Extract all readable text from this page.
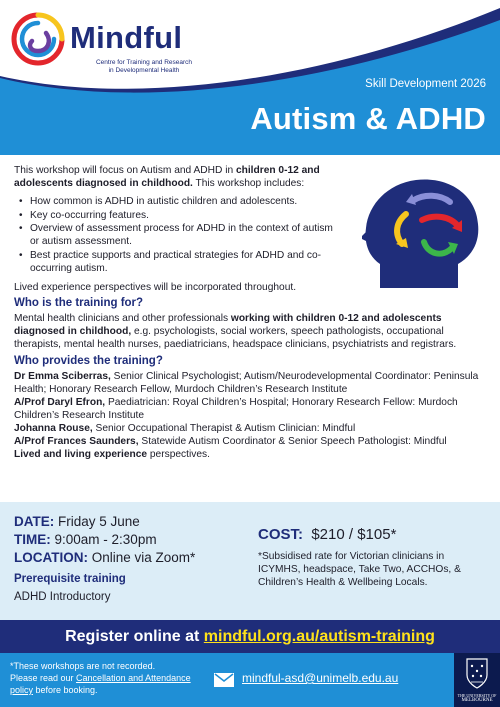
Mindful
Centre for Training and Research
in Developmental Health
Skill Development 2026
Autism & ADHD

This workshop will focus on Autism and ADHD in children 0-12 and adolescents diagnosed in childhood. This workshop includes:

• How common is ADHD in autistic children and adolescents.
• Key co-occurring features.
• Overview of assessment process for ADHD in the context of autism or autism assessment.
• Best practice supports and practical strategies for ADHD and co-occurring autism.

Lived experience perspectives will be incorporated throughout.

Who is the training for?

Mental health clinicians and other professionals working with children 0-12 and adolescents diagnosed in childhood, e.g. psychologists, social workers, speech pathologists, occupational therapists, mental health nurses, paediatricians, headspace clinicians, psychiatrists and registrars.

Who provides the training?

Dr Emma Sciberras, Senior Clinical Psychologist; Autism/Neurodevelopmental Coordinator: Peninsula Health; Honorary Research Fellow, Murdoch Children’s Research Institute

A/Prof Daryl Efron, Paediatrician: Royal Children’s Hospital; Honorary Research Fellow: Murdoch Children’s Research Institute

Johanna Rouse, Senior Occupational Therapist & Autism Clinician: Mindful

A/Prof Frances Saunders, Statewide Autism Coordinator & Senior Speech Pathologist: Mindful

Lived and living experience perspectives.

DATE: Friday 5 June
TIME: 9:00am - 2:30pm
LOCATION: Online via Zoom*
Prerequisite training
ADHD Introductory
COST: $210 / $105*
*Subsidised rate for Victorian clinicians in ICYMHS, headspace, Take Two, ACCHOs, & Children’s Health & Wellbeing Locals.
Register online at mindful.org.au/autism-training
*These workshops are not recorded.
Please read our Cancellation and Attendance policy before booking.
mindful-asd@unimelb.edu.au
THE UNIVERSITY OF
MELBOURNE
